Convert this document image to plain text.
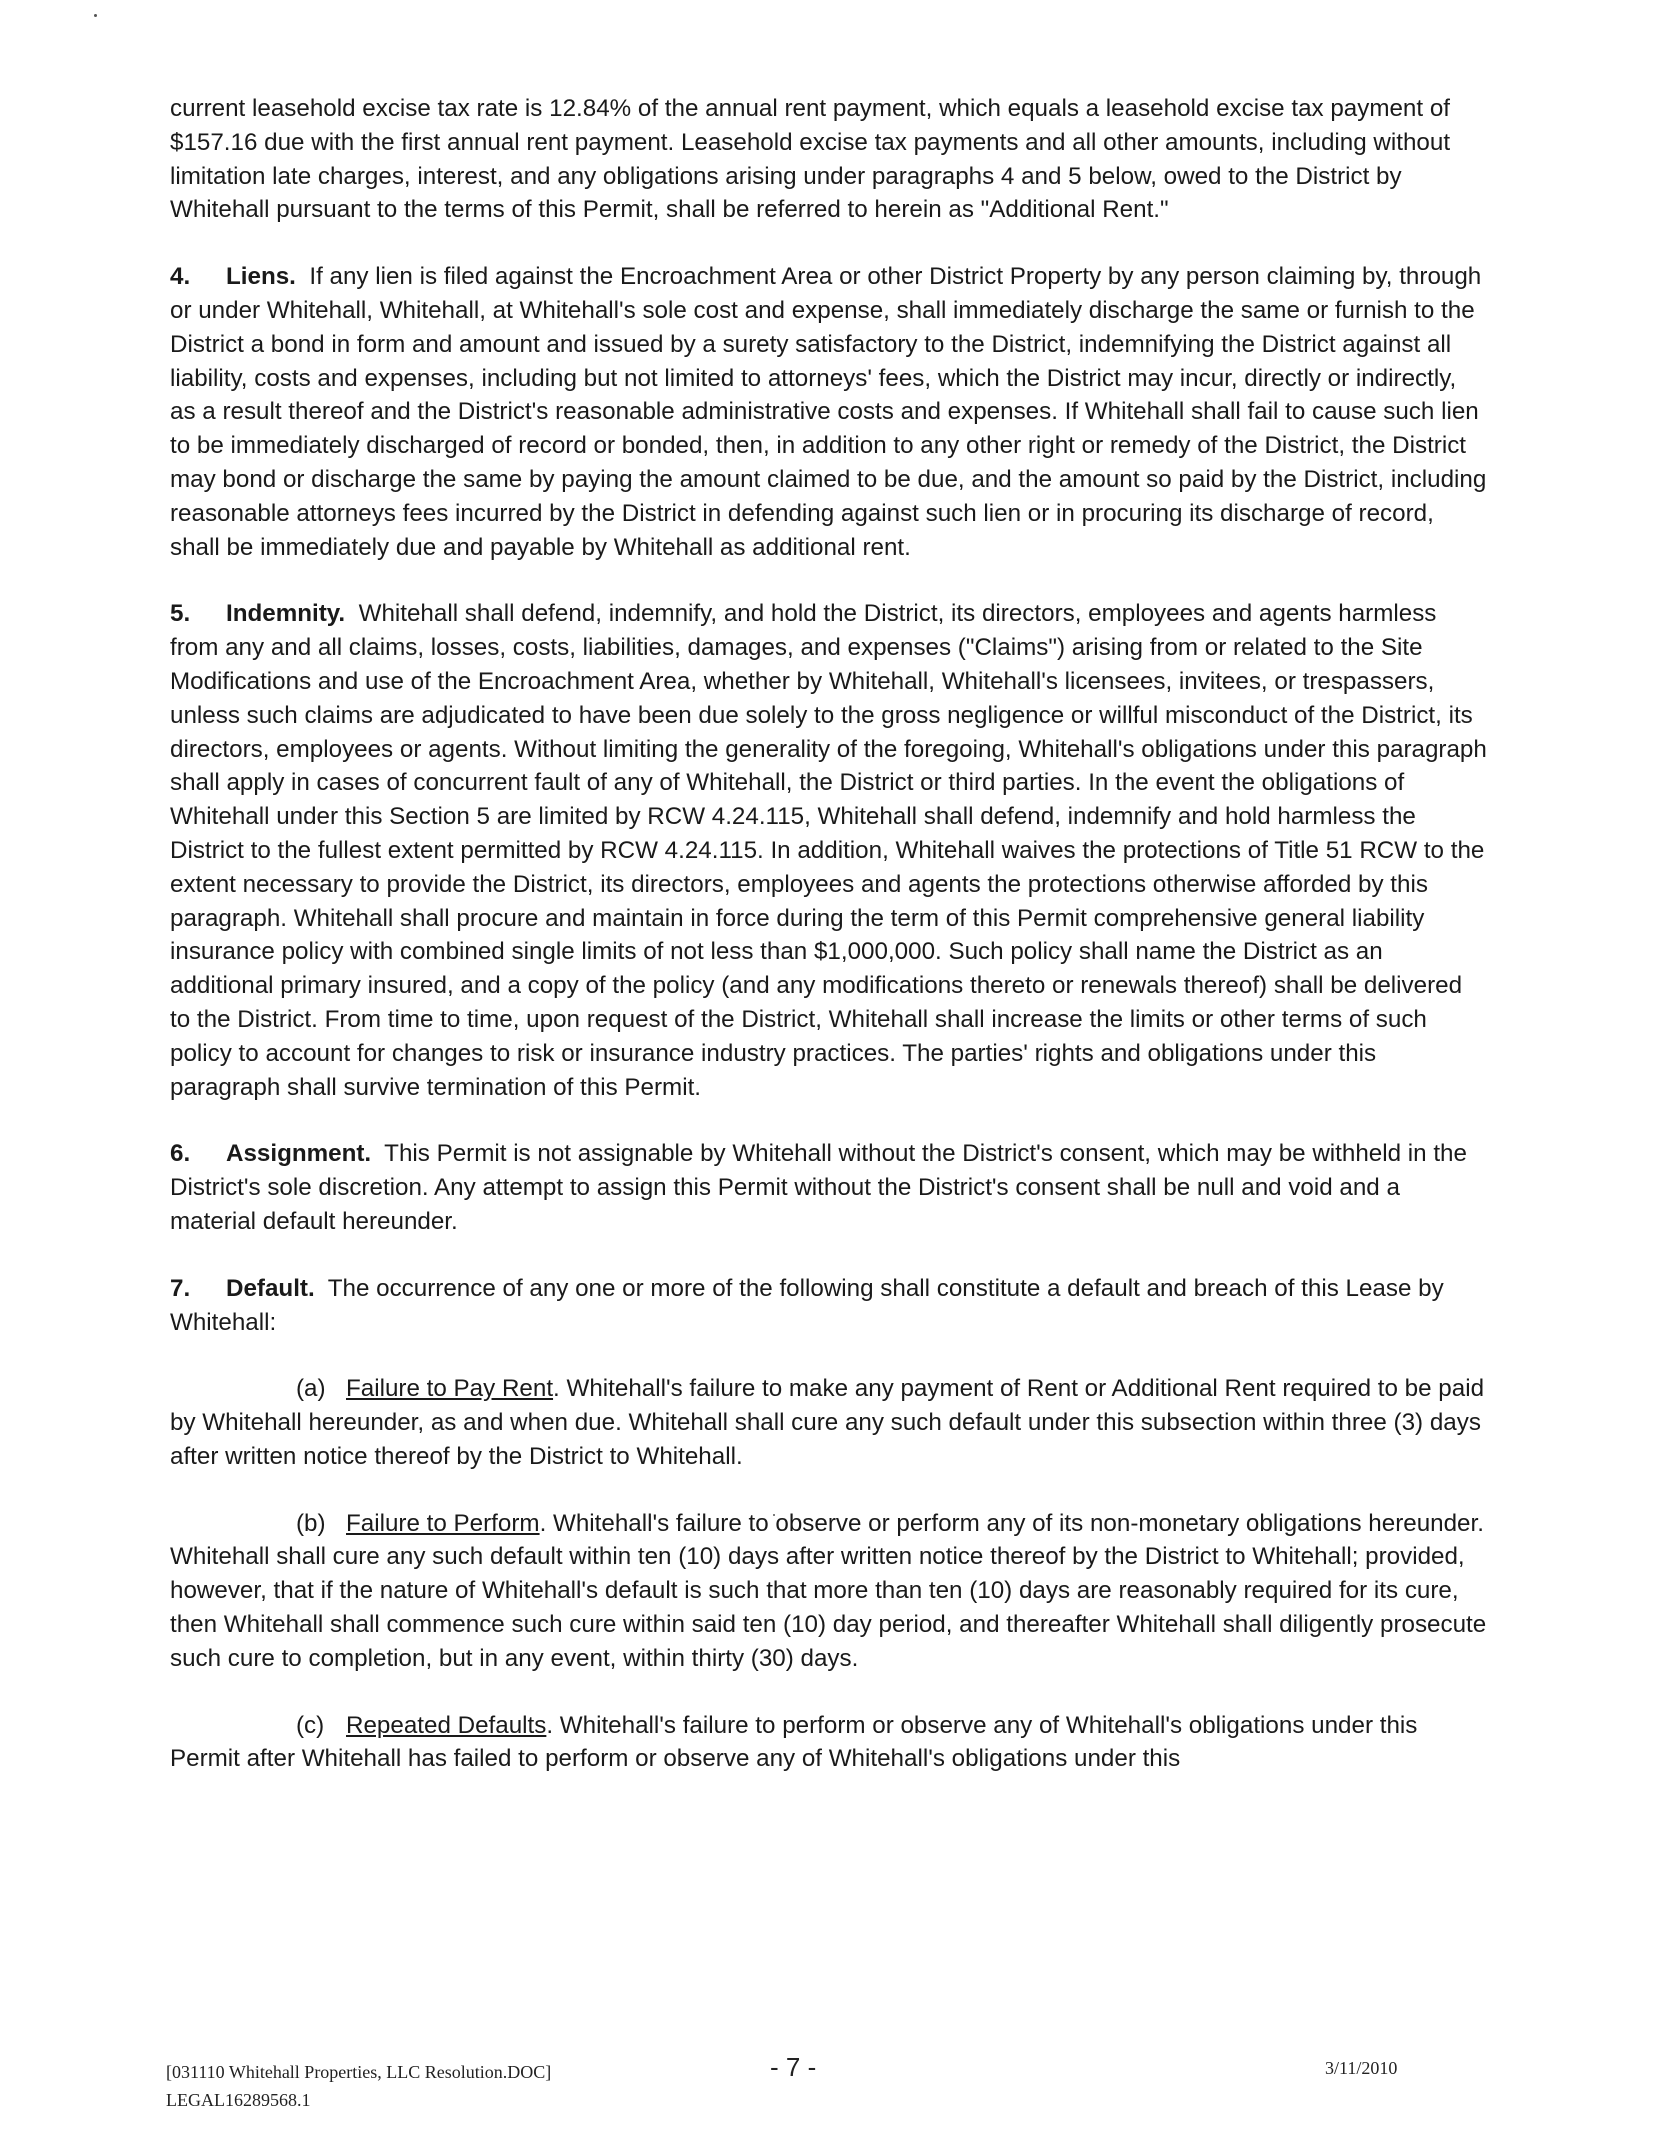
current leasehold excise tax rate is 12.84% of the annual rent payment, which equals a leasehold excise tax payment of $157.16 due with the first annual rent payment. Leasehold excise tax payments and all other amounts, including without limitation late charges, interest, and any obligations arising under paragraphs 4 and 5 below, owed to the District by Whitehall pursuant to the terms of this Permit, shall be referred to herein as "Additional Rent."

4. Liens. If any lien is filed against the Encroachment Area or other District Property by any person claiming by, through or under Whitehall, Whitehall, at Whitehall's sole cost and expense, shall immediately discharge the same or furnish to the District a bond in form and amount and issued by a surety satisfactory to the District, indemnifying the District against all liability, costs and expenses, including but not limited to attorneys' fees, which the District may incur, directly or indirectly, as a result thereof and the District's reasonable administrative costs and expenses. If Whitehall shall fail to cause such lien to be immediately discharged of record or bonded, then, in addition to any other right or remedy of the District, the District may bond or discharge the same by paying the amount claimed to be due, and the amount so paid by the District, including reasonable attorneys fees incurred by the District in defending against such lien or in procuring its discharge of record, shall be immediately due and payable by Whitehall as additional rent.

5. Indemnity. Whitehall shall defend, indemnify, and hold the District, its directors, employees and agents harmless from any and all claims, losses, costs, liabilities, damages, and expenses ("Claims") arising from or related to the Site Modifications and use of the Encroachment Area, whether by Whitehall, Whitehall's licensees, invitees, or trespassers, unless such claims are adjudicated to have been due solely to the gross negligence or willful misconduct of the District, its directors, employees or agents. Without limiting the generality of the foregoing, Whitehall's obligations under this paragraph shall apply in cases of concurrent fault of any of Whitehall, the District or third parties. In the event the obligations of Whitehall under this Section 5 are limited by RCW 4.24.115, Whitehall shall defend, indemnify and hold harmless the District to the fullest extent permitted by RCW 4.24.115. In addition, Whitehall waives the protections of Title 51 RCW to the extent necessary to provide the District, its directors, employees and agents the protections otherwise afforded by this paragraph. Whitehall shall procure and maintain in force during the term of this Permit comprehensive general liability insurance policy with combined single limits of not less than $1,000,000. Such policy shall name the District as an additional primary insured, and a copy of the policy (and any modifications thereto or renewals thereof) shall be delivered to the District. From time to time, upon request of the District, Whitehall shall increase the limits or other terms of such policy to account for changes to risk or insurance industry practices. The parties' rights and obligations under this paragraph shall survive termination of this Permit.

6. Assignment. This Permit is not assignable by Whitehall without the District's consent, which may be withheld in the District's sole discretion. Any attempt to assign this Permit without the District's consent shall be null and void and a material default hereunder.

7. Default. The occurrence of any one or more of the following shall constitute a default and breach of this Lease by Whitehall:

(a) Failure to Pay Rent. Whitehall's failure to make any payment of Rent or Additional Rent required to be paid by Whitehall hereunder, as and when due. Whitehall shall cure any such default under this subsection within three (3) days after written notice thereof by the District to Whitehall.

(b) Failure to Perform. Whitehall's failure to observe or perform any of its non-monetary obligations hereunder. Whitehall shall cure any such default within ten (10) days after written notice thereof by the District to Whitehall; provided, however, that if the nature of Whitehall's default is such that more than ten (10) days are reasonably required for its cure, then Whitehall shall commence such cure within said ten (10) day period, and thereafter Whitehall shall diligently prosecute such cure to completion, but in any event, within thirty (30) days.

(c) Repeated Defaults. Whitehall's failure to perform or observe any of Whitehall's obligations under this Permit after Whitehall has failed to perform or observe any of Whitehall's obligations under this

[031110 Whitehall Properties, LLC Resolution.DOC]
LEGAL16289568.1
- 7 -	3/11/2010
